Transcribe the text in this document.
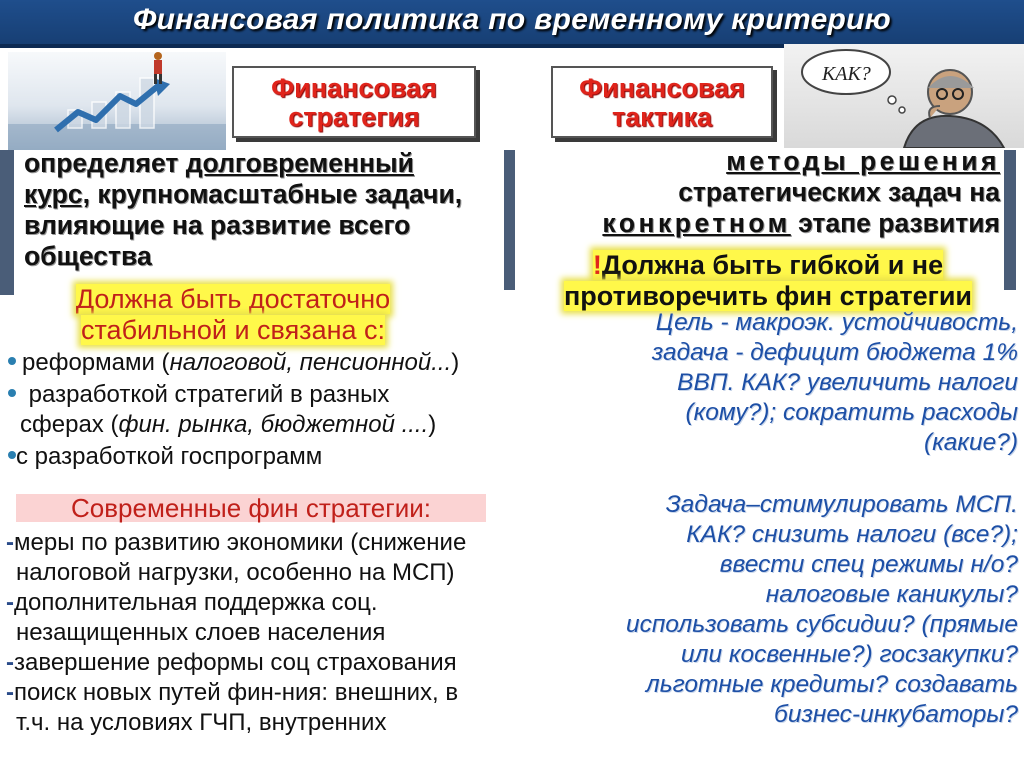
Финансовая политика по временному критерию
КАК?
Финансовая
стратегия
Финансовая
тактика
определяет долговременный
курс, крупномасштабные задачи, влияющие на развитие всего общества
Должна быть достаточно
стабильной и связана с:
реформами (налоговой, пенсионной...)
разработкой стратегий в разных
сферах (фин. рынка, бюджетной ....)
с разработкой госпрограмм
Современные фин стратегии:
-меры по развитию экономики (снижение
налоговой нагрузки, особенно на МСП)
-дополнительная поддержка соц.
незащищенных слоев населения
-завершение реформы соц страхования
-поиск новых путей фин-ния: внешних, в
т.ч. на условиях ГЧП, внутренних
методы решения
стратегических задач на
конкретном этапе развития
!Должна быть гибкой и не
противоречить фин стратегии
Цель - макроэк. устойчивость,
задача - дефицит бюджета 1%
ВВП. КАК? увеличить налоги
(кому?); сократить расходы
(какие?)
Задача–стимулировать МСП.
КАК? снизить налоги (все?);
ввести спец режимы н/о?
налоговые каникулы?
использовать субсидии? (прямые
или косвенные?) госзакупки?
льготные кредиты? создавать
бизнес-инкубаторы?
